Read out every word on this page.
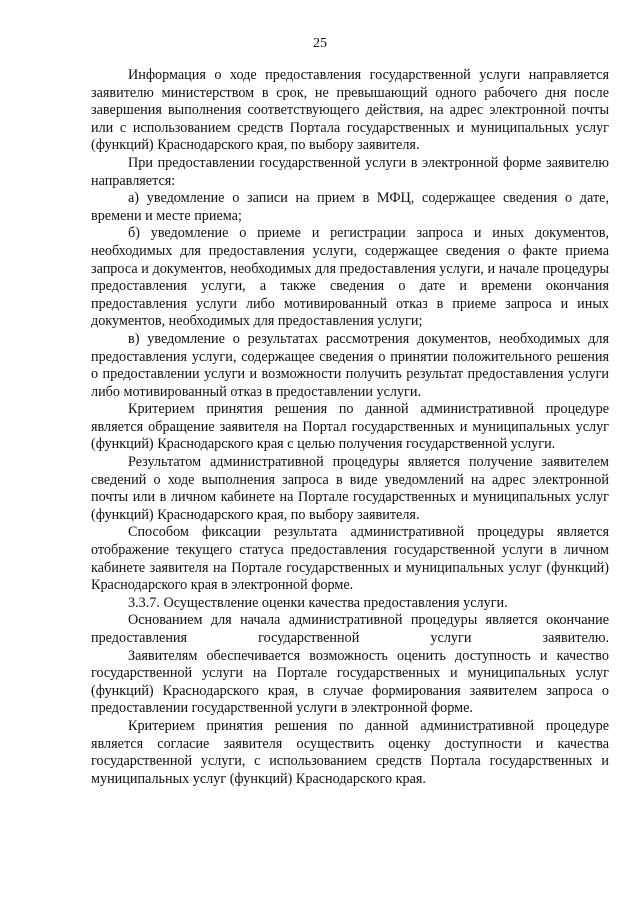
25

Информация о ходе предоставления государственной услуги направляется заявителю министерством в срок, не превышающий одного рабочего дня после завершения выполнения соответствующего действия, на адрес электронной почты или с использованием средств Портала государственных и муниципальных услуг (функций) Краснодарского края, по выбору заявителя.

При предоставлении государственной услуги в электронной форме заявителю направляется:

а) уведомление о записи на прием в МФЦ, содержащее сведения о дате, времени и месте приема;

б) уведомление о приеме и регистрации запроса и иных документов, необходимых для предоставления услуги, содержащее сведения о факте приема запроса и документов, необходимых для предоставления услуги, и начале процедуры предоставления услуги, а также сведения о дате и времени окончания предоставления услуги либо мотивированный отказ в приеме запроса и иных документов, необходимых для предоставления услуги;

в) уведомление о результатах рассмотрения документов, необходимых для предоставления услуги, содержащее сведения о принятии положительного решения о предоставлении услуги и возможности получить результат предоставления услуги либо мотивированный отказ в предоставлении услуги.

Критерием принятия решения по данной административной процедуре является обращение заявителя на Портал государственных и муниципальных услуг (функций) Краснодарского края с целью получения государственной услуги.

Результатом административной процедуры является получение заявителем сведений о ходе выполнения запроса в виде уведомлений на адрес электронной почты или в личном кабинете на Портале государственных и муниципальных услуг (функций) Краснодарского края, по выбору заявителя.

Способом фиксации результата административной процедуры является отображение текущего статуса предоставления государственной услуги в личном кабинете заявителя на Портале государственных и муниципальных услуг (функций) Краснодарского края в электронной форме.

3.3.7. Осуществление оценки качества предоставления услуги.

Основанием для начала административной процедуры является окончание предоставления государственной услуги заявителю.

Заявителям обеспечивается возможность оценить доступность и качество государственной услуги на Портале государственных и муниципальных услуг (функций) Краснодарского края, в случае формирования заявителем запроса о предоставлении государственной услуги в электронной форме.

Критерием принятия решения по данной административной процедуре является согласие заявителя осуществить оценку доступности и качества государственной услуги, с использованием средств Портала государственных и муниципальных услуг (функций) Краснодарского края.
